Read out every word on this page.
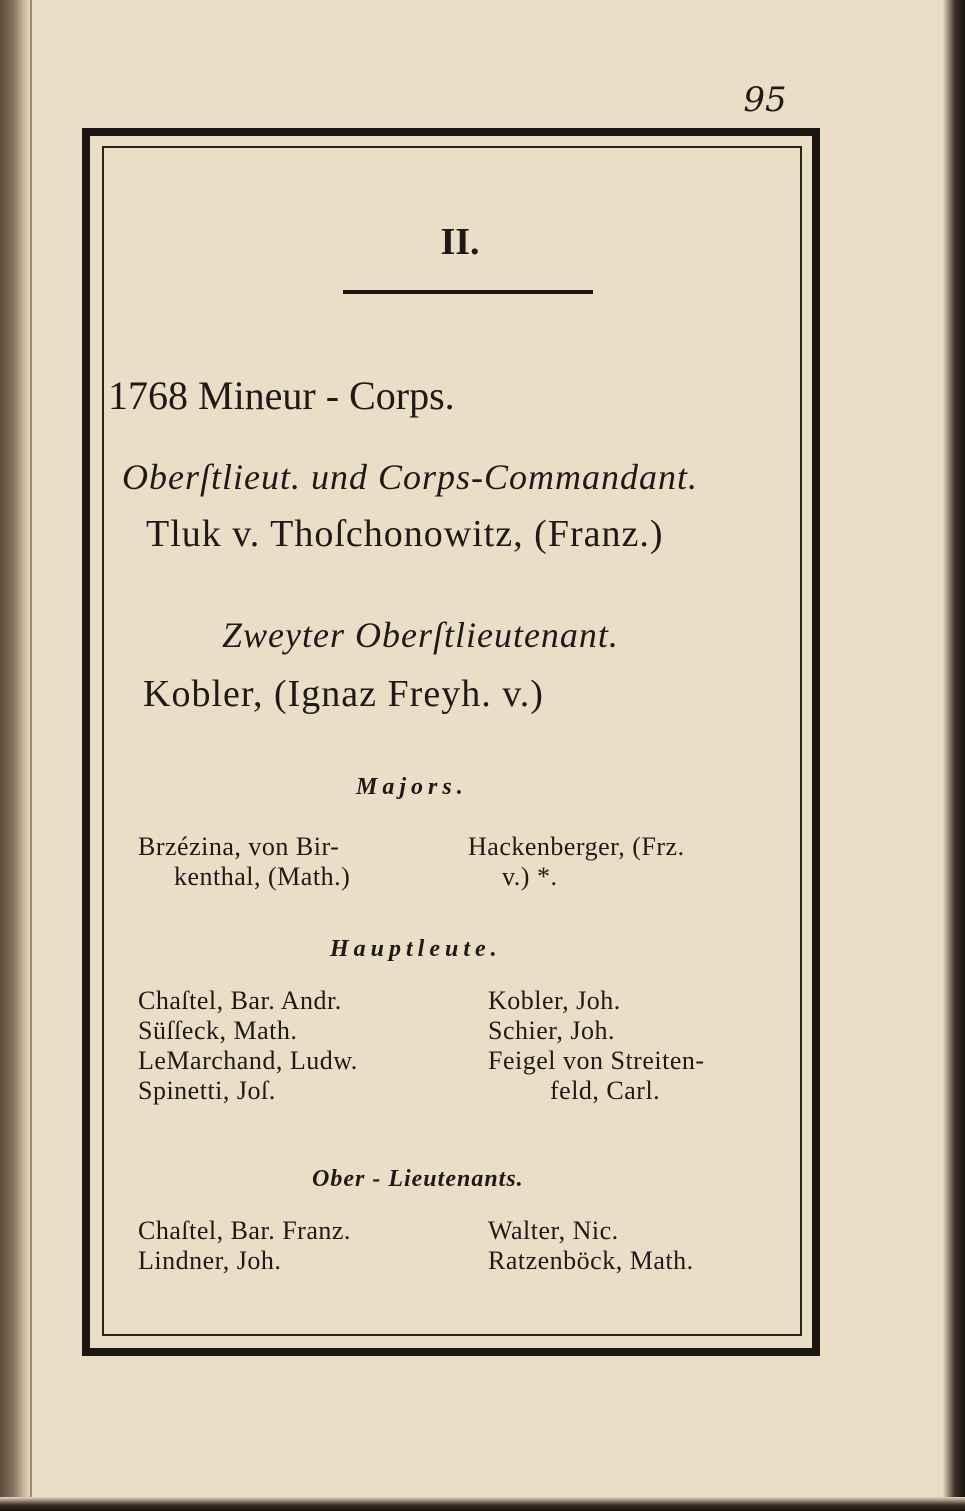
95
II.
1768 Mineur - Corps.
Oberſtlieut. und Corps-Commandant.
Tluk v. Thoſchonowitz, (Franz.)
Zweyter Oberſtlieutenant.
Kobler, (Ignaz Freyh. v.)
Majors.
Brzézina, von Bir-
kenthal, (Math.)
Hackenberger, (Frz.
v.) *.
Hauptleute.
Chaſtel, Bar. Andr.
Süſſeck, Math.
LeMarchand, Ludw.
Spinetti, Joſ.
Kobler, Joh.
Schier, Joh.
Feigel von Streiten-
feld, Carl.
Ober - Lieutenants.
Chaſtel, Bar. Franz.
Lindner, Joh.
Walter, Nic.
Ratzenböck, Math.
